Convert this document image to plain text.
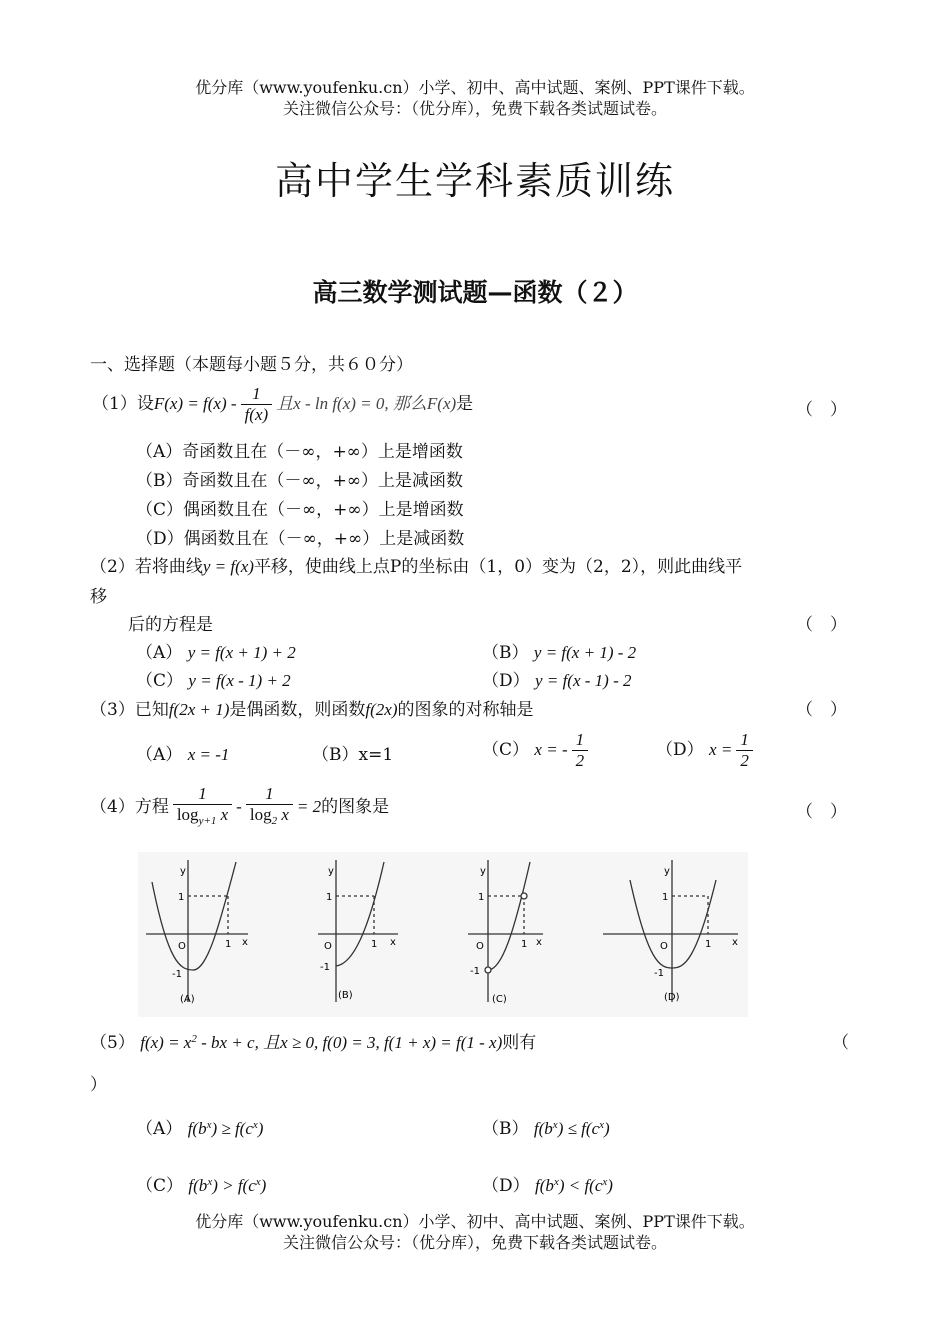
优分库（www.youfenku.cn）小学、初中、高中试题、案例、PPT课件下载。
关注微信公众号：（优分库），免费下载各类试题试卷。
高中学生学科素质训练
高三数学测试题—函数（２）
一、选择题（本题每小题５分，共６０分）
（1）设$F(x) = f(x) - \frac{1}{f(x)}$ 且x - ln f(x) = 0, 那么F(x)是	（　）
（A）奇函数且在（－∞，+∞）上是增函数
（B）奇函数且在（－∞，+∞）上是减函数
（C）偶函数且在（－∞，+∞）上是增函数
（D）偶函数且在（－∞，+∞）上是减函数
（2）若将曲线y = f(x)平移，使曲线上点P的坐标由（1，0）变为（2，2），则此曲线平
移
后的方程是	（　）
（A） y = f(x + 1) + 2	（B） y = f(x + 1) - 2
（C） y = f(x - 1) + 2	（D） y = f(x - 1) - 2
（3）已知f(2x + 1)是偶函数，则函数f(2x)的图象的对称轴是	（　）
（A） x = -1	（B）x=1	（C） x = - $\frac{1}{2}$	（D） $x = \frac{1}{2}$
（4）方程 $\frac{1}{\log_{y+1} x} - \frac{1}{\log_2 x} = 2$的图象是	（　）
y
1
O
-1
1 x
(A)
y
1
O
-1
1 x
(B)
y
1
O
-1
1 x
(C)
y
1
O
-1
1 x
(D)
（5） $f(x) = x^2$ - bx + c, 且x ≥ 0, f(0) = 3, f(1 + x) = f(1 - x)则有	（
）
（A） $f(b^x) \ge f(c^x)$	（B） $f(b^x) \le f(c^x)$
（C） $f(b^x) > f(c^x)$	（D） $f(b^x) < f(c^x)$
优分库（www.youfenku.cn）小学、初中、高中试题、案例、PPT课件下载。
关注微信公众号：（优分库），免费下载各类试题试卷。
